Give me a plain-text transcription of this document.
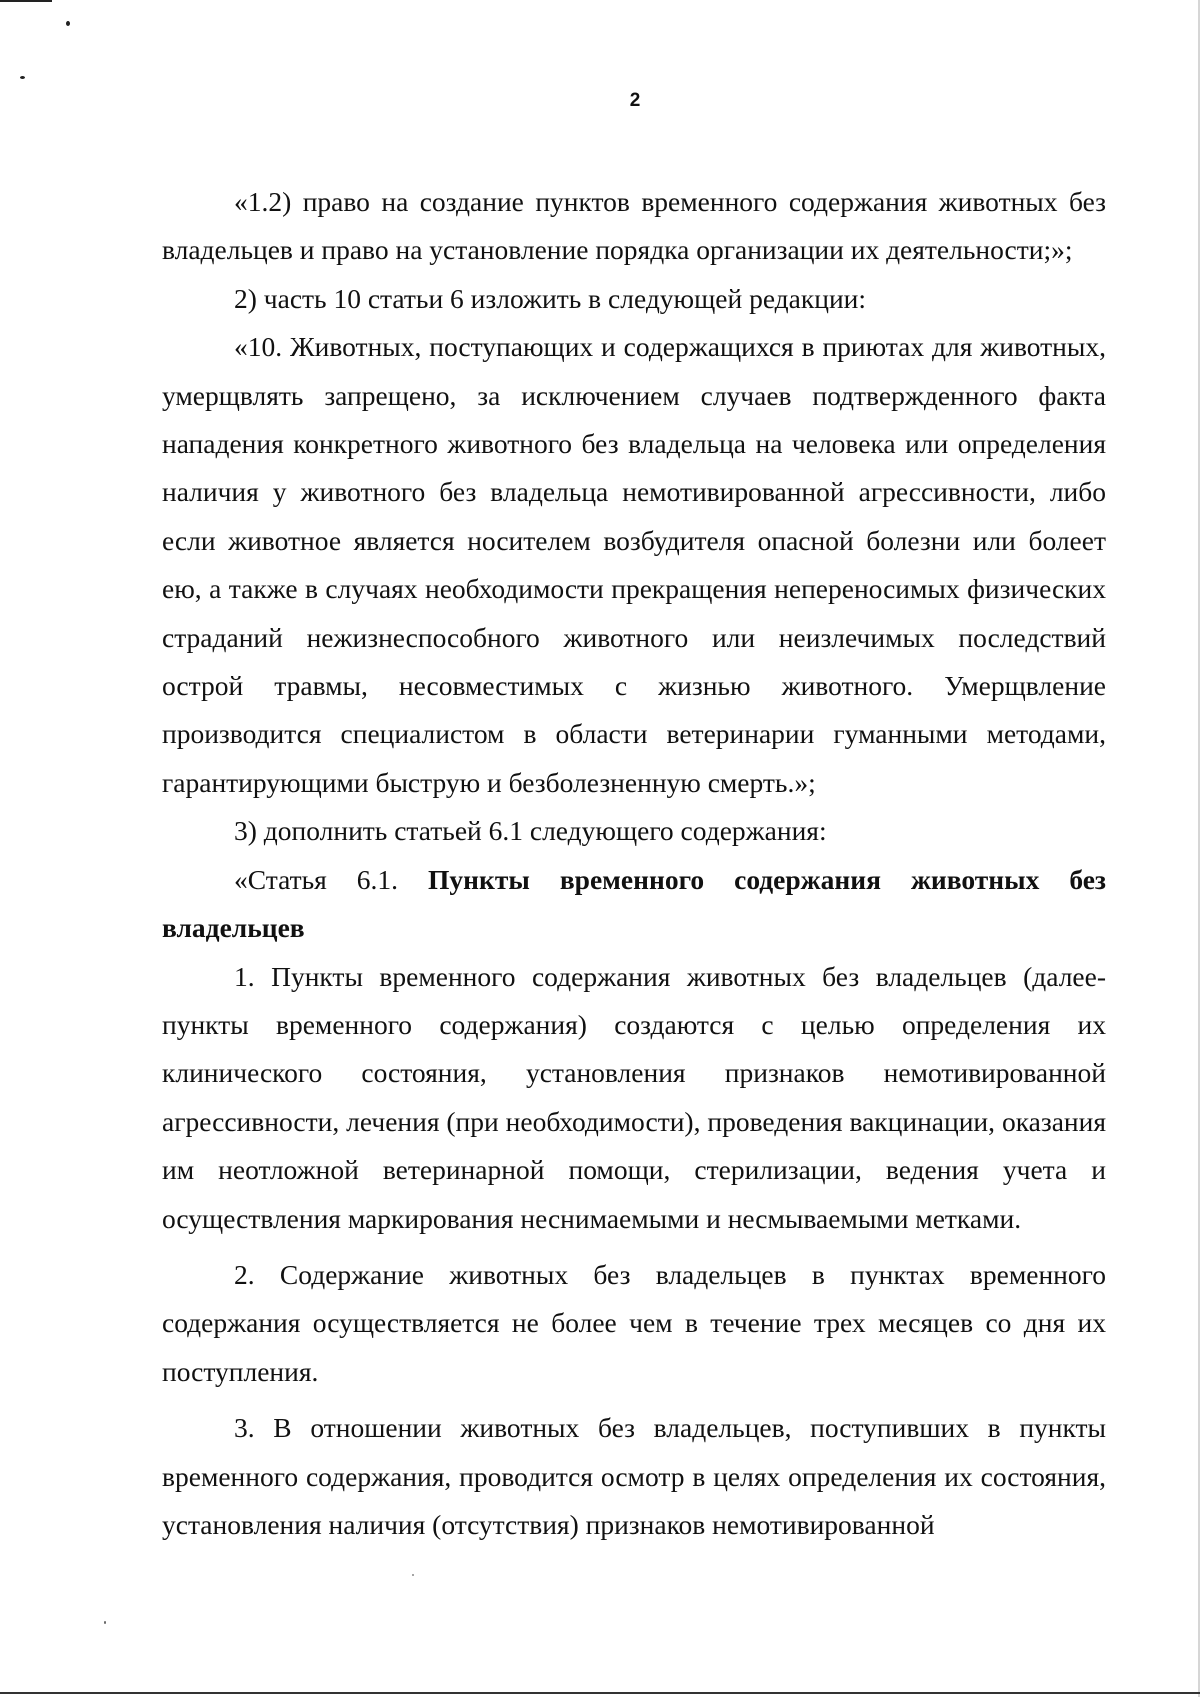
2

«1.2) право на создание пунктов временного содержания животных без владельцев и право на установление порядка организации их деятельности;»;

2) часть 10 статьи 6 изложить в следующей редакции:

«10. Животных, поступающих и содержащихся в приютах для животных, умерщвлять запрещено, за исключением случаев подтвержденного факта нападения конкретного животного без владельца на человека или определения наличия у животного без владельца немотивированной агрессивности, либо если животное является носителем возбудителя опасной болезни или болеет ею, а также в случаях необходимости прекращения непереносимых физических страданий нежизнеспособного животного или неизлечимых последствий острой травмы, несовместимых с жизнью животного. Умерщвление производится специалистом в области ветеринарии гуманными методами, гарантирующими быструю и безболезненную смерть.»;

3) дополнить статьей 6.1 следующего содержания:

«Статья 6.1. Пункты временного содержания животных без владельцев

1. Пункты временного содержания животных без владельцев (далее-пункты временного содержания) создаются с целью определения их клинического состояния, установления признаков немотивированной агрессивности, лечения (при необходимости), проведения вакцинации, оказания им неотложной ветеринарной помощи, стерилизации, ведения учета и осуществления маркирования неснимаемыми и несмываемыми метками.

2. Содержание животных без владельцев в пунктах временного содержания осуществляется не более чем в течение трех месяцев со дня их поступления.

3. В отношении животных без владельцев, поступивших в пункты временного содержания, проводится осмотр в целях определения их состояния, установления наличия (отсутствия) признаков немотивированной
